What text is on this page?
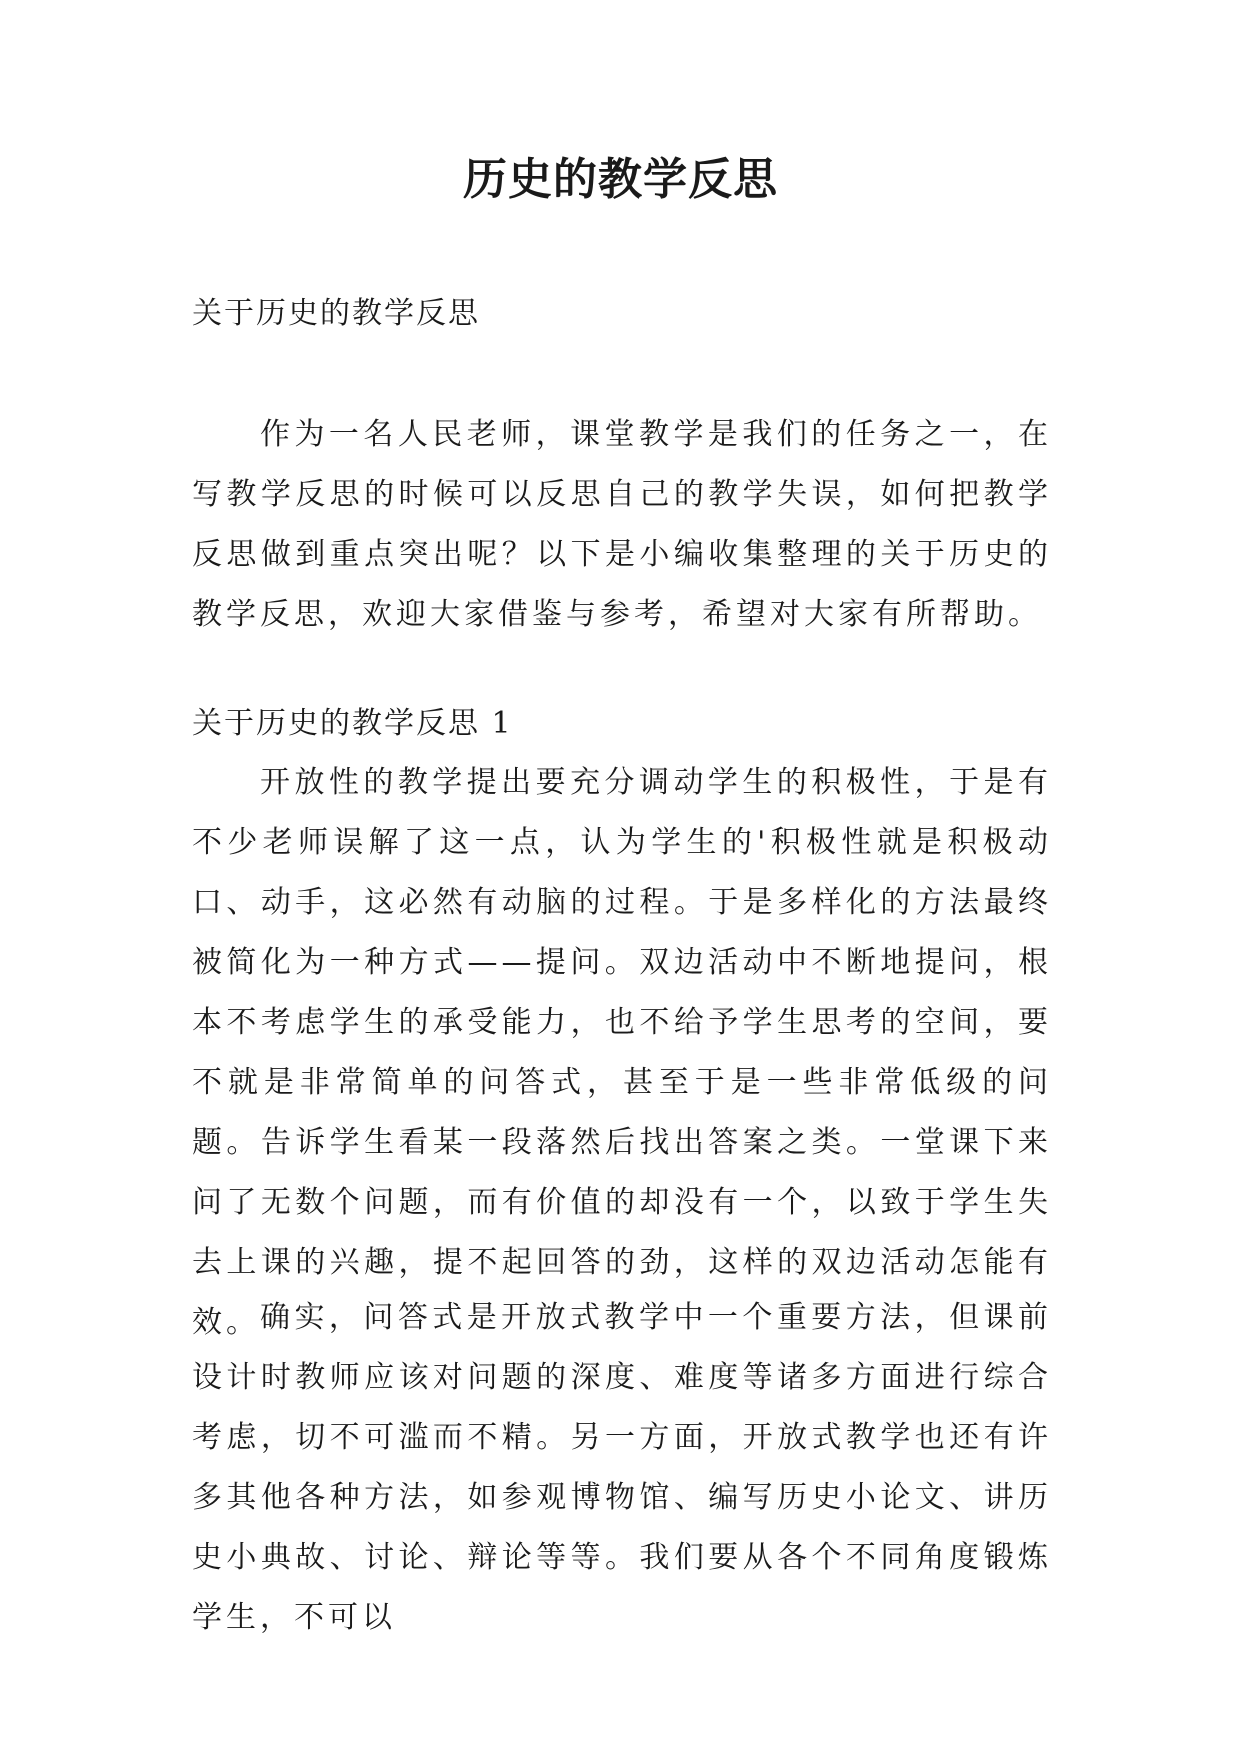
历史的教学反思

关于历史的教学反思

作为一名人民老师，课堂教学是我们的任务之一，在写教学反思的时候可以反思自己的教学失误，如何把教学反思做到重点突出呢？以下是小编收集整理的关于历史的教学反思，欢迎大家借鉴与参考，希望对大家有所帮助。

关于历史的教学反思 1

开放性的教学提出要充分调动学生的积极性，于是有不少老师误解了这一点，认为学生的'积极性就是积极动口、动手，这必然有动脑的过程。于是多样化的方法最终被简化为一种方式——提问。双边活动中不断地提问，根本不考虑学生的承受能力，也不给予学生思考的空间，要不就是非常简单的问答式，甚至于是一些非常低级的问题。告诉学生看某一段落然后找出答案之类。一堂课下来问了无数个问题，而有价值的却没有一个，以致于学生失去上课的兴趣，提不起回答的劲，这样的双边活动怎能有效。 确实，问答式是开放式教学中一个重要方法，但课前设计时教师应该对问题的深度、难度等诸多方面进行综合考虑，切不可滥而不精。另一方面，开放式教学也还有许多其他各种方法，如参观博物馆、编写历史小论文、讲历史小典故、讨论、辩论等等。我们要从各个不同角度锻炼学生，不可以
